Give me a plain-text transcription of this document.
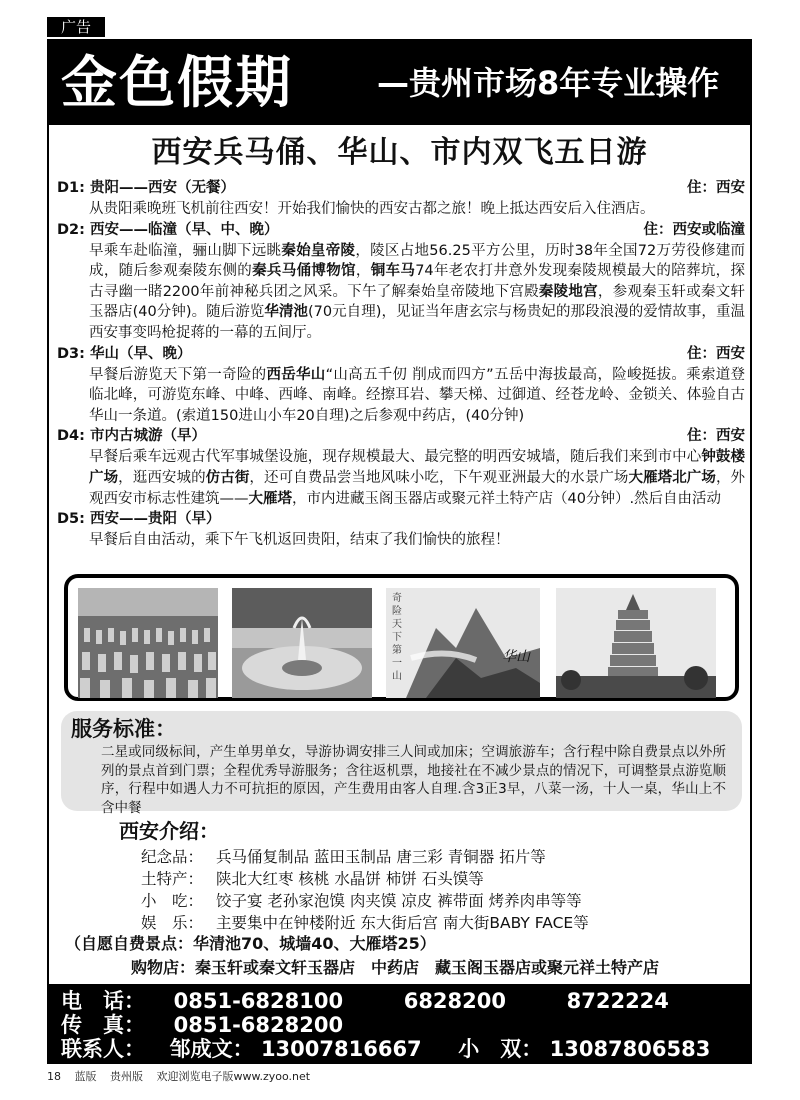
广告
金色假期	—贵州市场8年专业操作
西安兵马俑、华山、市内双飞五日游
D1: 贵阳——西安（无餐）	住：西安
从贵阳乘晚班飞机前往西安！开始我们愉快的西安古都之旅！晚上抵达西安后入住酒店。
D2: 西安——临潼（早、中、晚）	住：西安或临潼
早乘车赴临潼，骊山脚下远眺秦始皇帝陵，陵区占地56.25平方公里，历时38年全国72万劳役修建而成，随后参观秦陵东侧的秦兵马俑博物馆，铜车马74年老农打井意外发现秦陵规模最大的陪葬坑，探古寻幽一睹2200年前神秘兵团之风采。下午了解秦始皇帝陵地下宫殿秦陵地宫，参观秦玉轩或秦文轩玉器店(40分钟)。随后游览华清池(70元自理)，见证当年唐玄宗与杨贵妃的那段浪漫的爱情故事，重温西安事变吗枪捉蒋的一幕的五间厅。
D3: 华山（早、晚）	住：西安
早餐后游览天下第一奇险的西岳华山“山高五千仞 削成而四方”五岳中海拔最高，险峻挺拔。乘索道登临北峰，可游览东峰、中峰、西峰、南峰。经擦耳岩、攀天梯、过御道、经苍龙岭、金锁关、体验自古华山一条道。(索道150进山小车20自理)之后参观中药店，(40分钟)
D4: 市内古城游（早）	住：西安
早餐后乘车远观古代军事城堡设施，现存规模最大、最完整的明西安城墙，随后我们来到市中心钟鼓楼广场，逛西安城的仿古街，还可自费品尝当地风味小吃，下午观亚洲最大的水景广场大雁塔北广场，外观西安市标志性建筑——大雁塔，市内进藏玉阁玉器店或聚元祥土特产店（40分钟）.然后自由活动
D5: 西安——贵阳（早）
早餐后自由活动，乘下午飞机返回贵阳，结束了我们愉快的旅程！
奇险天下第一山
华山
服务标准：
二星或同级标间，产生单男单女，导游协调安排三人间或加床；空调旅游车；含行程中除自费景点以外所列的景点首到门票；全程优秀导游服务；含往返机票，地接社在不减少景点的情况下，可调整景点游览顺序，行程中如遇人力不可抗拒的原因，产生费用由客人自理.含3正3早，八菜一汤，十人一桌，华山上不含中餐
西安介绍：
纪念品： 兵马俑复制品 蓝田玉制品 唐三彩 青铜器 拓片等
土特产： 陕北大红枣 核桃 水晶饼 柿饼 石头馍等
小　吃： 饺子宴 老孙家泡馍 肉夹馍 凉皮 裤带面 烤养肉串等等
娱　乐： 主要集中在钟楼附近 东大街后宫 南大街BABY FACE等
（自愿自费景点：华清池70、城墙40、大雁塔25）
购物店：秦玉轩或秦文轩玉器店　中药店　藏玉阁玉器店或聚元祥土特产店
电　话： 0851-6828100	6828200	8722224
传　真： 0851-6828200
联系人： 邹成文： 13007816667 小　双： 13087806583
18 蓝版 贵州版 欢迎浏览电子版www.zyoo.net
